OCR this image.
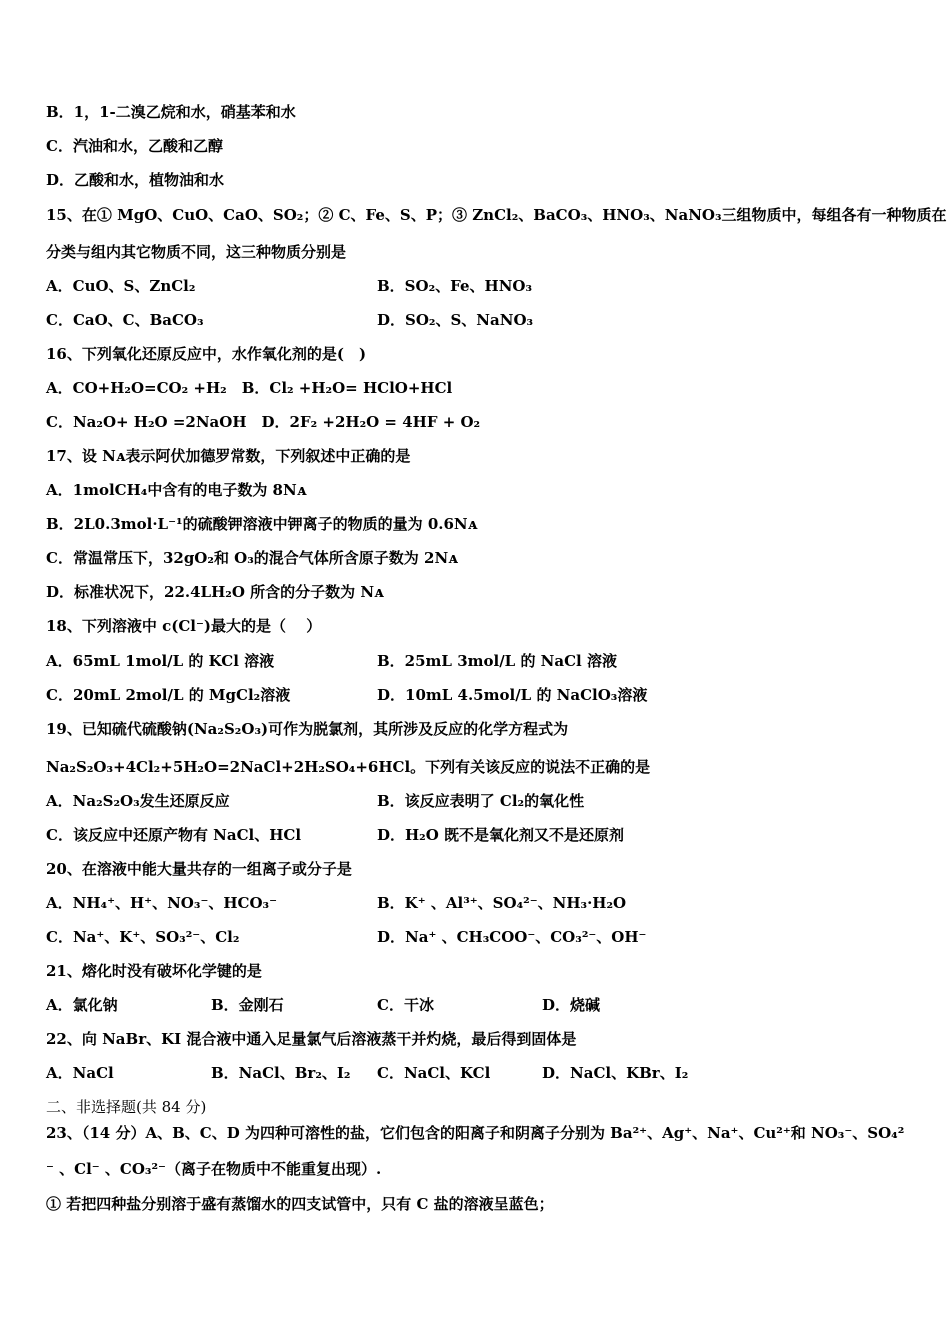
B．1，1-二溴乙烷和水，硝基苯和水
C．汽油和水，乙酸和乙醇
D．乙酸和水，植物油和水
15、在① MgO、CuO、CaO、SO₂；② C、Fe、S、P；③ ZnCl₂、BaCO₃、HNO₃、NaNO₃三组物质中，每组各有一种物质在
分类与组内其它物质不同，这三种物质分别是
A．CuO、S、ZnCl₂	B．SO₂、Fe、HNO₃
C．CaO、C、BaCO₃	D．SO₂、S、NaNO₃
16、下列氧化还原反应中，水作氧化剂的是(　)
A．CO+H₂O=CO₂ +H₂　B．Cl₂ +H₂O= HClO+HCl
C．Na₂O+ H₂O =2NaOH　D．2F₂ +2H₂O = 4HF + O₂
17、设 Nᴀ表示阿伏加德罗常数，下列叙述中正确的是
A．1molCH₄中含有的电子数为 8Nᴀ
B．2L0.3mol·L⁻¹的硫酸钾溶液中钾离子的物质的量为 0.6Nᴀ
C．常温常压下，32gO₂和 O₃的混合气体所含原子数为 2Nᴀ
D．标准状况下，22.4LH₂O 所含的分子数为 Nᴀ
18、下列溶液中 c(Cl⁻)最大的是（　 ）
A．65mL 1mol/L 的 KCl 溶液	B．25mL 3mol/L 的 NaCl 溶液
C．20mL 2mol/L 的 MgCl₂溶液	D．10mL 4.5mol/L 的 NaClO₃溶液
19、已知硫代硫酸钠(Na₂S₂O₃)可作为脱氯剂，其所涉及反应的化学方程式为
Na₂S₂O₃+4Cl₂+5H₂O=2NaCl+2H₂SO₄+6HCl。下列有关该反应的说法不正确的是
A．Na₂S₂O₃发生还原反应	B．该反应表明了 Cl₂的氧化性
C．该反应中还原产物有 NaCl、HCl	D．H₂O 既不是氧化剂又不是还原剂
20、在溶液中能大量共存的一组离子或分子是
A．NH₄⁺、H⁺、NO₃⁻、HCO₃⁻	B．K⁺ 、Al³⁺、SO₄²⁻、NH₃·H₂O
C．Na⁺、K⁺、SO₃²⁻、Cl₂	D．Na⁺ 、CH₃COO⁻、CO₃²⁻、OH⁻
21、熔化时没有破坏化学键的是
A．氯化钠	B．金刚石	C．干冰	D．烧碱
22、向 NaBr、KI 混合液中通入足量氯气后溶液蒸干并灼烧，最后得到固体是
A．NaCl	B．NaCl、Br₂、I₂ C．NaCl、KCl	D．NaCl、KBr、I₂
二、非选择题(共 84 分)
23、（14 分）A、B、C、D 为四种可溶性的盐，它们包含的阳离子和阴离子分别为 Ba²⁺、Ag⁺、Na⁺、Cu²⁺和 NO₃⁻、SO₄²
⁻ 、Cl⁻ 、CO₃²⁻（离子在物质中不能重复出现）.
① 若把四种盐分别溶于盛有蒸馏水的四支试管中，只有 C 盐的溶液呈蓝色；
